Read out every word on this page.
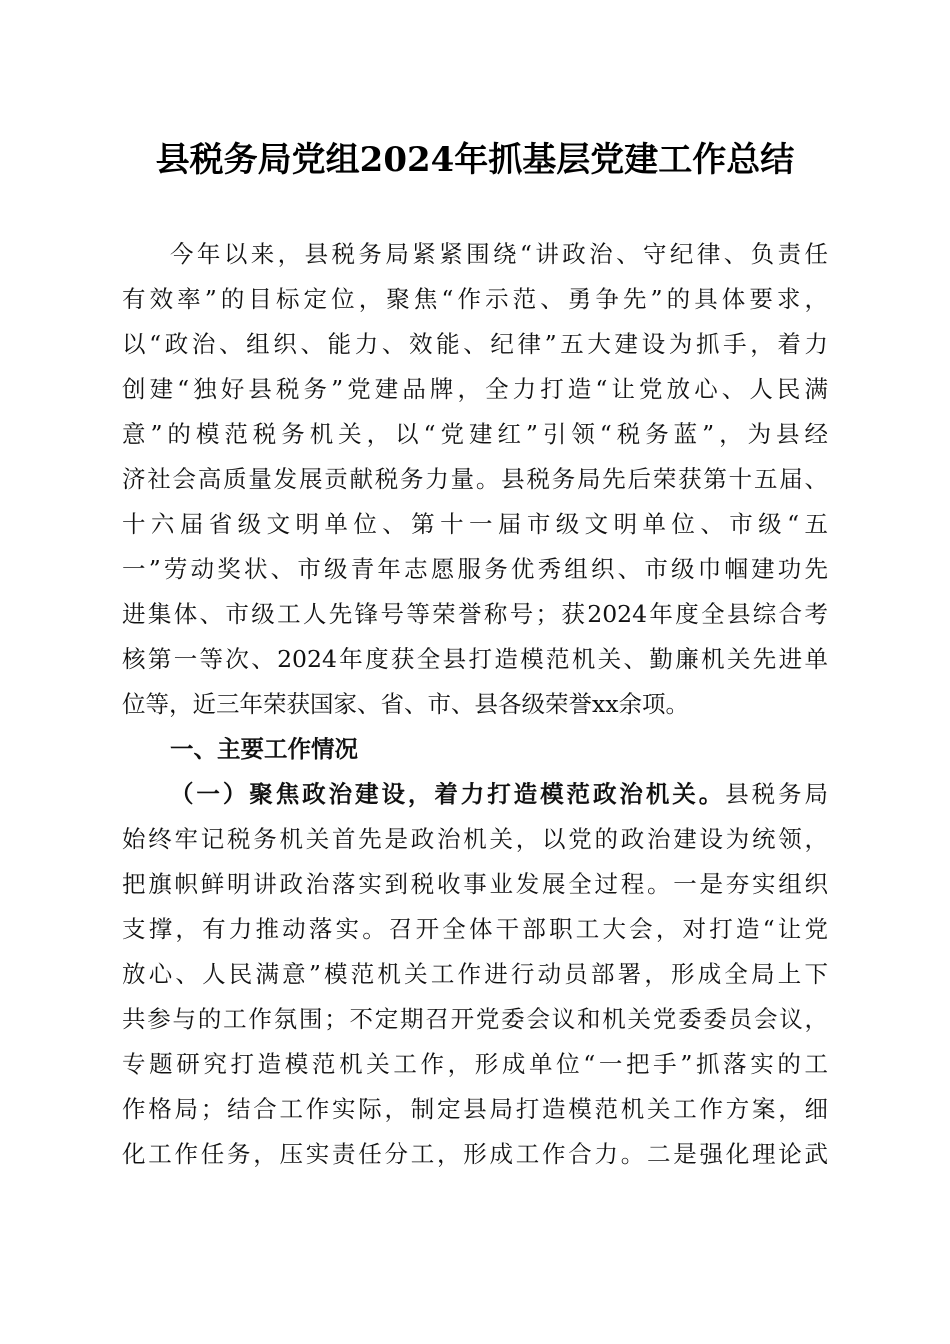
县税务局党组2024年抓基层党建工作总结

今年以来，县税务局紧紧围绕“讲政治、守纪律、负责任

有效率”的目标定位，聚焦“作示范、勇争先”的具体要求，

以“政治、组织、能力、效能、纪律”五大建设为抓手，着力

创建“独好县税务”党建品牌，全力打造“让党放心、人民满

意”的模范税务机关，以“党建红”引领“税务蓝”，为县经

济社会高质量发展贡献税务力量。县税务局先后荣获第十五届、

十六届省级文明单位、第十一届市级文明单位、市级“五

一”劳动奖状、市级青年志愿服务优秀组织、市级巾帼建功先

进集体、市级工人先锋号等荣誉称号；获2024年度全县综合考

核第一等次、2024年度获全县打造模范机关、勤廉机关先进单

位等，近三年荣获国家、省、市、县各级荣誉xx余项。

一、主要工作情况

（一）聚焦政治建设，着力打造模范政治机关。县税务局

始终牢记税务机关首先是政治机关，以党的政治建设为统领，

把旗帜鲜明讲政治落实到税收事业发展全过程。一是夯实组织

支撑，有力推动落实。召开全体干部职工大会，对打造“让党

放心、人民满意”模范机关工作进行动员部署，形成全局上下

共参与的工作氛围；不定期召开党委会议和机关党委委员会议，

专题研究打造模范机关工作，形成单位“一把手”抓落实的工

作格局；结合工作实际，制定县局打造模范机关工作方案，细

化工作任务，压实责任分工，形成工作合力。二是强化理论武
